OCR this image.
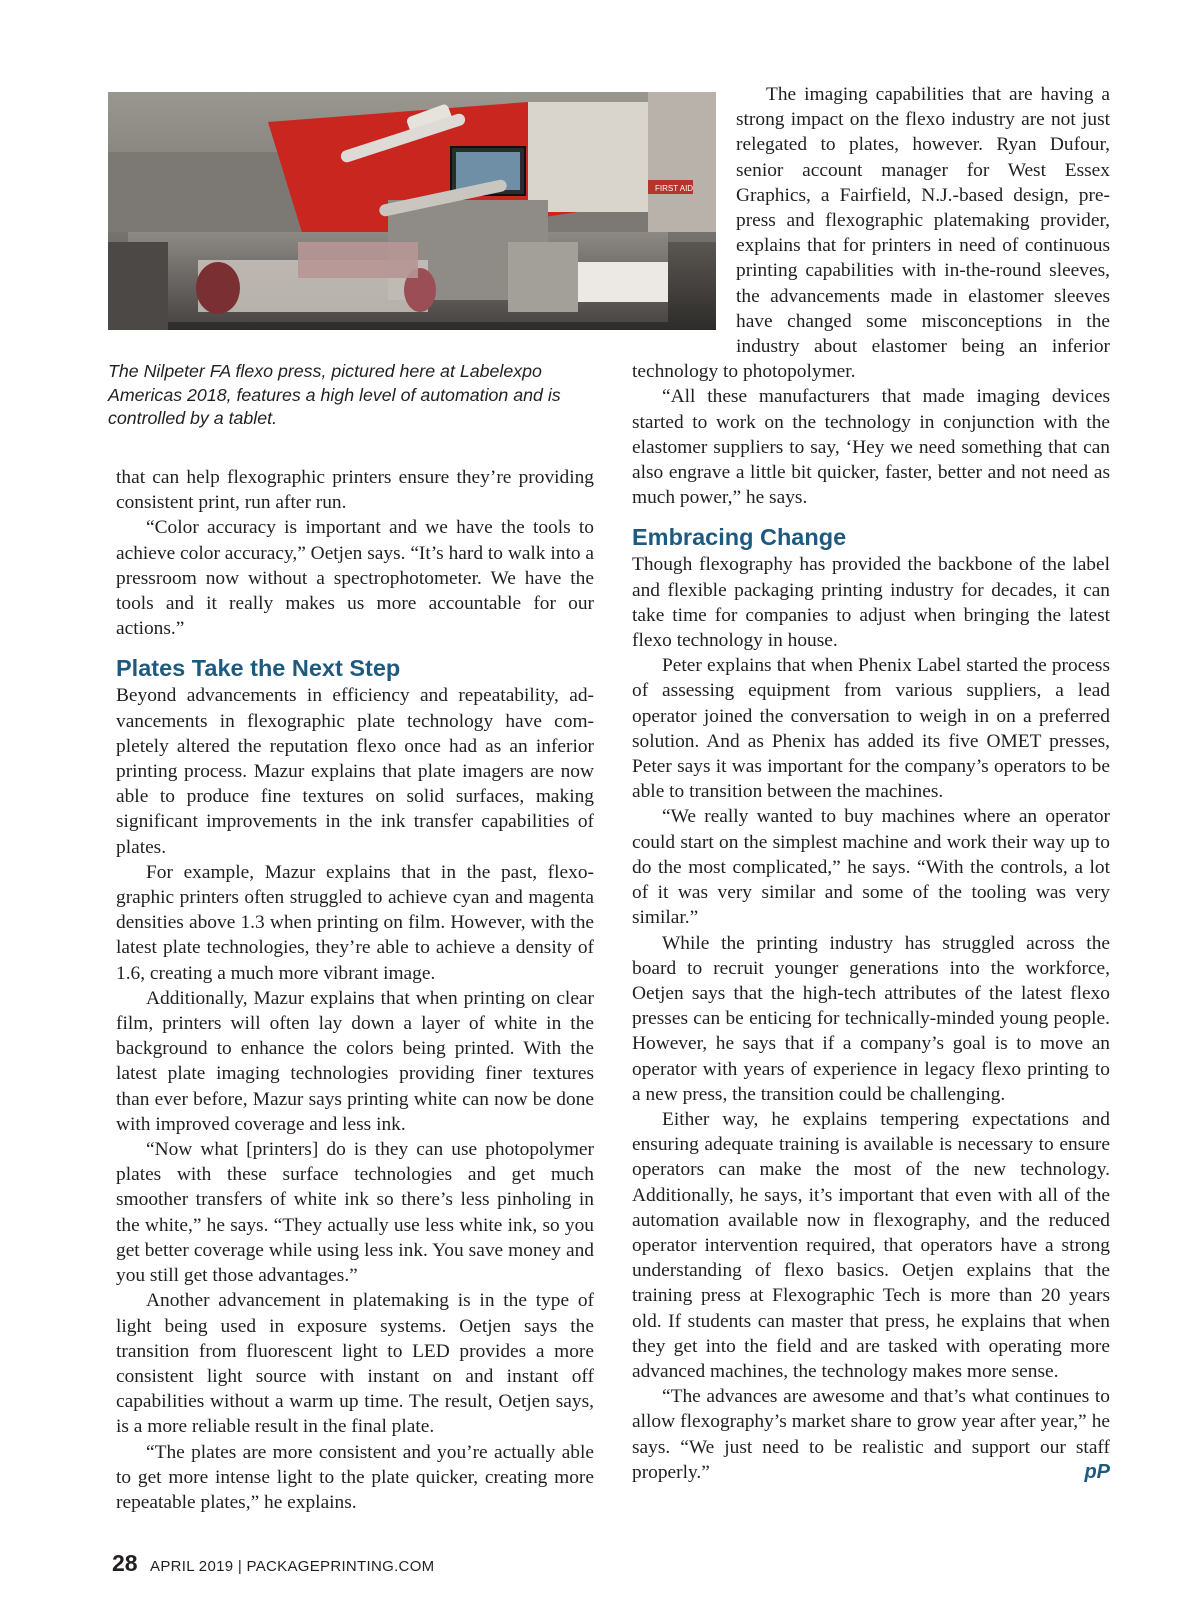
FIRST AID
The Nilpeter FA flexo press, pictured here at Labelexpo Americas 2018, features a high level of automation and is controlled by a tablet.

that can help flexographic printers ensure they’re providing consistent print, run after run.

“Color accuracy is important and we have the tools to achieve color accuracy,” Oetjen says. “It’s hard to walk into a pressroom now without a spectrophotometer. We have the tools and it really makes us more accountable for our actions.”

Plates Take the Next Step

Beyond advancements in efficiency and repeatability, advancements in flexographic plate technology have completely altered the reputation flexo once had as an inferior printing process. Mazur explains that plate imagers are now able to produce fine textures on solid surfaces, making significant improvements in the ink transfer capabilities of plates.

For example, Mazur explains that in the past, flexographic printers often struggled to achieve cyan and magenta densities above 1.3 when printing on film. However, with the latest plate technologies, they’re able to achieve a density of 1.6, creating a much more vibrant image.

Additionally, Mazur explains that when printing on clear film, printers will often lay down a layer of white in the background to enhance the colors being printed. With the latest plate imaging technologies providing finer textures than ever before, Mazur says printing white can now be done with improved coverage and less ink.

“Now what [printers] do is they can use photopolymer plates with these surface technologies and get much smoother transfers of white ink so there’s less pinholing in the white,” he says. “They actually use less white ink, so you get better coverage while using less ink. You save money and you still get those advantages.”

Another advancement in platemaking is in the type of light being used in exposure systems. Oetjen says the transition from fluorescent light to LED provides a more consistent light source with instant on and instant off capabilities without a warm up time. The result, Oetjen says, is a more reliable result in the final plate.

“The plates are more consistent and you’re actually able to get more intense light to the plate quicker, creating more repeatable plates,” he explains.

The imaging capabilities that are having a strong impact on the flexo industry are not just relegated to plates, however. Ryan Dufour, senior account manager for West Essex Graphics, a Fairfield, N.J.-based design, prepress and flexographic platemaking provider, explains that for printers in need of continuous printing capabilities with in-the-round sleeves, the advancements made in elastomer sleeves have changed some misconceptions in the industry about elastomer being an inferior technology to photopolymer.

“All these manufacturers that made imaging devices started to work on the technology in conjunction with the elastomer suppliers to say, ‘Hey we need something that can also engrave a little bit quicker, faster, better and not need as much power,” he says.

Embracing Change

Though flexography has provided the backbone of the label and flexible packaging printing industry for decades, it can take time for companies to adjust when bringing the latest flexo technology in house.

Peter explains that when Phenix Label started the process of assessing equipment from various suppliers, a lead operator joined the conversation to weigh in on a preferred solution. And as Phenix has added its five OMET presses, Peter says it was important for the company’s operators to be able to transition between the machines.

“We really wanted to buy machines where an operator could start on the simplest machine and work their way up to do the most complicated,” he says. “With the controls, a lot of it was very similar and some of the tooling was very similar.”

While the printing industry has struggled across the board to recruit younger generations into the workforce, Oetjen says that the high-tech attributes of the latest flexo presses can be enticing for technically-minded young people. However, he says that if a company’s goal is to move an operator with years of experience in legacy flexo printing to a new press, the transition could be challenging.

Either way, he explains tempering expectations and ensuring adequate training is available is necessary to ensure operators can make the most of the new technology. Additionally, he says, it’s important that even with all of the automation available now in flexography, and the reduced operator intervention required, that operators have a strong understanding of flexo basics. Oetjen explains that the training press at Flexographic Tech is more than 20 years old. If students can master that press, he explains that when they get into the field and are tasked with operating more advanced machines, the technology makes more sense.

“The advances are awesome and that’s what continues to allow flexography’s market share to grow year after year,” he says. “We just need to be realistic and support our staff properly.”	pP

28 APRIL 2019 | PACKAGEPRINTING.COM
